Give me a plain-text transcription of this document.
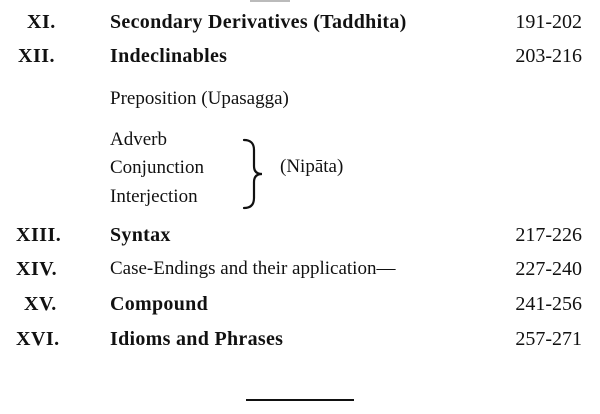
XI.	Secondary Derivatives (Taddhita)	191-202
XII.	Indeclinables	203-216
Preposition (Upasagga)
Adverb
Conjunction
Interjection
(Nipāta)
XIII. Syntax	217-226
XIV.	Case-Endings and their application—	227-240
XV.	Compound	241-256
XVI.	Idioms and Phrases	257-271
